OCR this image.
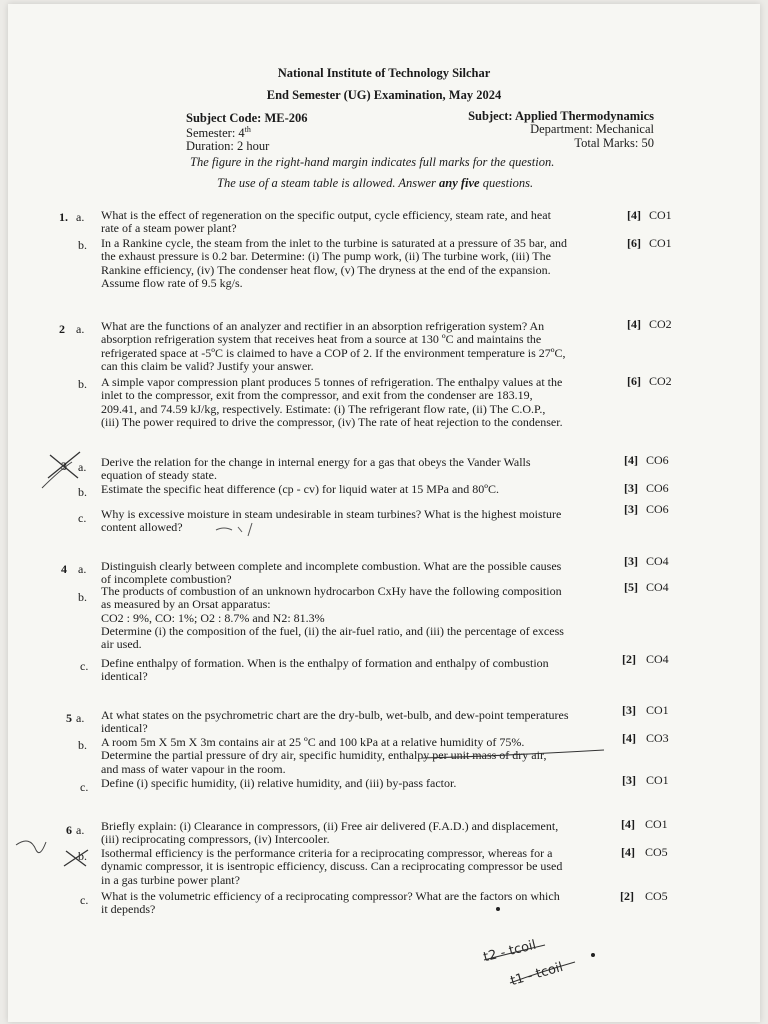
National Institute of Technology Silchar
End Semester (UG) Examination, May 2024
Subject Code: ME-206	Subject: Applied Thermodynamics
Semester: 4th	Department: Mechanical
Duration: 2 hour	Total Marks: 50
The figure in the right-hand margin indicates full marks for the question.
The use of a steam table is allowed. Answer any five questions.
1. a. What is the effect of regeneration on the specific output, cycle efficiency, steam rate, and heat
rate of a steam power plant?
[4] CO1
b. In a Rankine cycle, the steam from the inlet to the turbine is saturated at a pressure of 35 bar, and
the exhaust pressure is 0.2 bar. Determine: (i) The pump work, (ii) The turbine work, (iii) The
Rankine efficiency, (iv) The condenser heat flow, (v) The dryness at the end of the expansion.
Assume flow rate of 9.5 kg/s.
[6] CO1
2 a. What are the functions of an analyzer and rectifier in an absorption refrigeration system? An
absorption refrigeration system that receives heat from a source at 130 ºC and maintains the
refrigerated space at -5ºC is claimed to have a COP of 2. If the environment temperature is 27ºC,
can this claim be valid? Justify your answer.
[4] CO2
b. A simple vapor compression plant produces 5 tonnes of refrigeration. The enthalpy values at the
inlet to the compressor, exit from the compressor, and exit from the condenser are 183.19,
209.41, and 74.59 kJ/kg, respectively. Estimate: (i) The refrigerant flow rate, (ii) The C.O.P.,
(iii) The power required to drive the compressor, (iv) The rate of heat rejection to the condenser.
[6] CO2
3 a. Derive the relation for the change in internal energy for a gas that obeys the Vander Walls
equation of steady state.
[4] CO6
b. Estimate the specific heat difference (cp - cv) for liquid water at 15 MPa and 80ºC.	[3] CO6
c. Why is excessive moisture in steam undesirable in steam turbines? What is the highest moisture
content allowed?
[3] CO6
4 a. Distinguish clearly between complete and incomplete combustion. What are the possible causes
of incomplete combustion?
[3] CO4
b. The products of combustion of an unknown hydrocarbon CxHy have the following composition
as measured by an Orsat apparatus:
CO2 : 9%, CO: 1%; O2 : 8.7% and N2: 81.3%
Determine (i) the composition of the fuel, (ii) the air-fuel ratio, and (iii) the percentage of excess
air used.
[5] CO4
c. Define enthalpy of formation. When is the enthalpy of formation and enthalpy of combustion
identical?
[2] CO4
5 a. At what states on the psychrometric chart are the dry-bulb, wet-bulb, and dew-point temperatures
identical?
[3] CO1
b. A room 5m X 5m X 3m contains air at 25 ºC and 100 kPa at a relative humidity of 75%.
Determine the partial pressure of dry air, specific humidity, enthalpy per unit mass of dry air,
and mass of water vapour in the room.
[4] CO3
c. Define (i) specific humidity, (ii) relative humidity, and (iii) by-pass factor.	[3] CO1
6 a. Briefly explain: (i) Clearance in compressors, (ii) Free air delivered (F.A.D.) and displacement,
(iii) reciprocating compressors, (iv) Intercooler.
[4] CO1
b. Isothermal efficiency is the performance criteria for a reciprocating compressor, whereas for a
dynamic compressor, it is isentropic efficiency, discuss. Can a reciprocating compressor be used
in a gas turbine power plant?
[4] CO5
c. What is the volumetric efficiency of a reciprocating compressor? What are the factors on which
it depends?
[2] CO5
t2 - tcoil
t1 - tcoil
